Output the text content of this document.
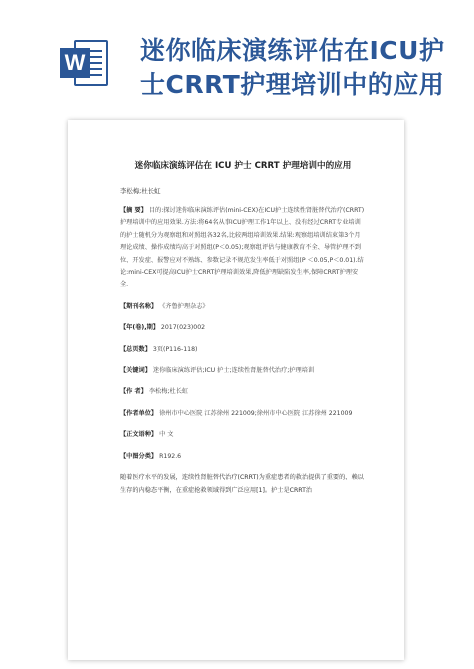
W 迷你临床演练评估在ICU护
士CRRT护理培训中的应用
迷你临床演练评估在 ICU 护士 CRRT 护理培训中的应用
李松梅;杜长虹
【摘 要】 目的:探讨迷你临床演练评估(mini-CEX)在ICU护士连续性肾脏替代治疗(CRRT)护理培训中的应用效果.方法:将64名从事ICU护理工作1年以上、没有经过CRRT专业培训的护士随机分为观察组和对照组各32名,比较两组培训效果.结果:观察组培训结束第3个月理论成绩、操作成绩均高于对照组(P＜0.05);观察组评估与健康教育不全、导管护理不到位、开发症、报警应对不熟练、参数记录不规范发生率低于对照组(P ＜0.05,P＜0.01).结论:mini-CEX可提高ICU护士CRRT护理培训效果,降低护理缺陷发生率,保障CRRT护理安全.
【期刊名称】 《齐鲁护理杂志》
【年(卷),期】 2017(023)002
【总页数】 3页(P116-118)
【关键词】 迷你临床演练评估;ICU 护士;连续性肾脏替代治疗;护理培训
【作 者】 李松梅;杜长虹
【作者单位】 徐州市中心医院 江苏徐州 221009;徐州市中心医院 江苏徐州 221009
【正文语种】 中 文
【中图分类】 R192.6
随着医疗水平的发展，连续性肾脏替代治疗(CRRT)为重症患者的救治提供了重要的、赖以生存的内稳态平衡，在重症抢救领域得到广泛应用[1]。护士是CRRT治
